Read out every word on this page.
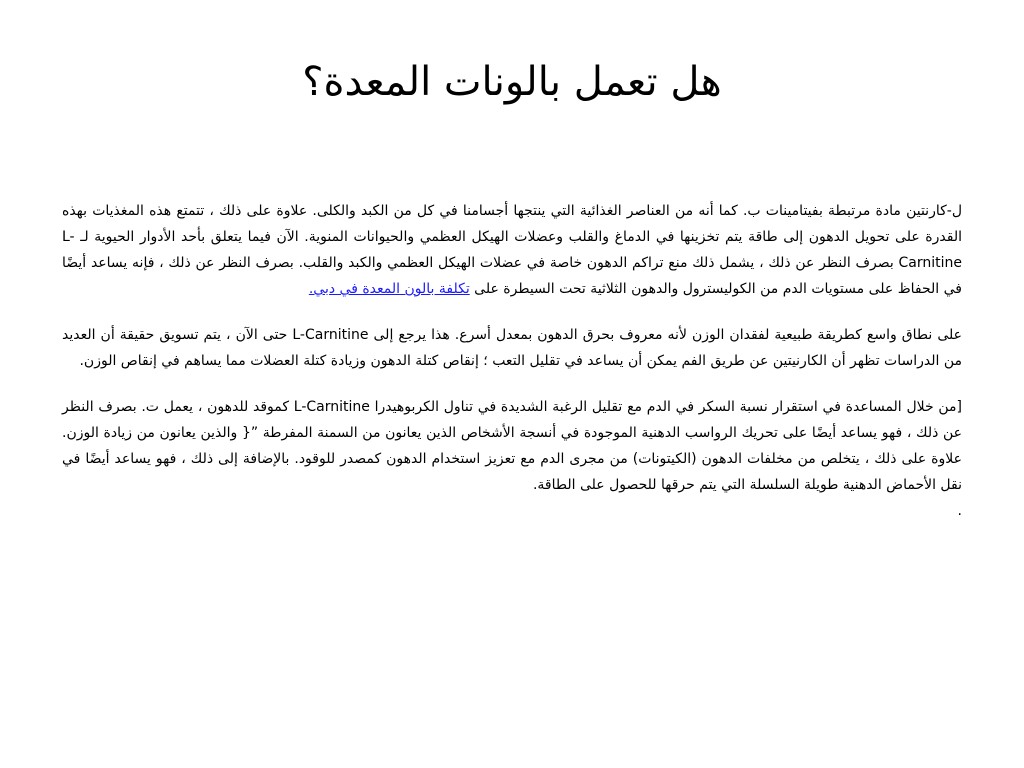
هل تعمل بالونات المعدة؟

ل-كارنتين مادة مرتبطة بفيتامينات ب. كما أنه من العناصر الغذائية التي ينتجها أجسامنا في كل من الكبد والكلى. علاوة على ذلك ، تتمتع هذه المغذيات بهذه القدرة على تحويل الدهون إلى طاقة يتم تخزينها في الدماغ والقلب وعضلات الهيكل العظمي والحيوانات المنوية. الآن فيما يتعلق بأحد الأدوار الحيوية لـ L-Carnitine بصرف النظر عن ذلك ، يشمل ذلك منع تراكم الدهون خاصة في عضلات الهيكل العظمي والكبد والقلب. بصرف النظر عن ذلك ، فإنه يساعد أيضًا في الحفاظ على مستويات الدم من الكوليسترول والدهون الثلاثية تحت السيطرة على تكلفة بالون المعدة في دبي.

على نطاق واسع كطريقة طبيعية لفقدان الوزن لأنه معروف بحرق الدهون بمعدل أسرع. هذا يرجع إلى L-Carnitine حتى الآن ، يتم تسويق حقيقة أن العديد من الدراسات تظهر أن الكارنيتين عن طريق الفم يمكن أن يساعد في تقليل التعب ؛ إنقاص كتلة الدهون وزيادة كتلة العضلات مما يساهم في إنقاص الوزن.

[من خلال المساعدة في استقرار نسبة السكر في الدم مع تقليل الرغبة الشديدة في تناول الكربوهيدرا L-Carnitine كموقد للدهون ، يعمل ت. بصرف النظر عن ذلك ، فهو يساعد أيضًا على تحريك الرواسب الدهنية الموجودة في أنسجة الأشخاص الذين يعانون من السمنة المفرطة ”{ والذين يعانون من زيادة الوزن. علاوة على ذلك ، يتخلص من مخلفات الدهون (الكيتونات) من مجرى الدم مع تعزيز استخدام الدهون كمصدر للوقود. بالإضافة إلى ذلك ، فهو يساعد أيضًا في نقل الأحماض الدهنية طويلة السلسلة التي يتم حرقها للحصول على الطاقة.

.
